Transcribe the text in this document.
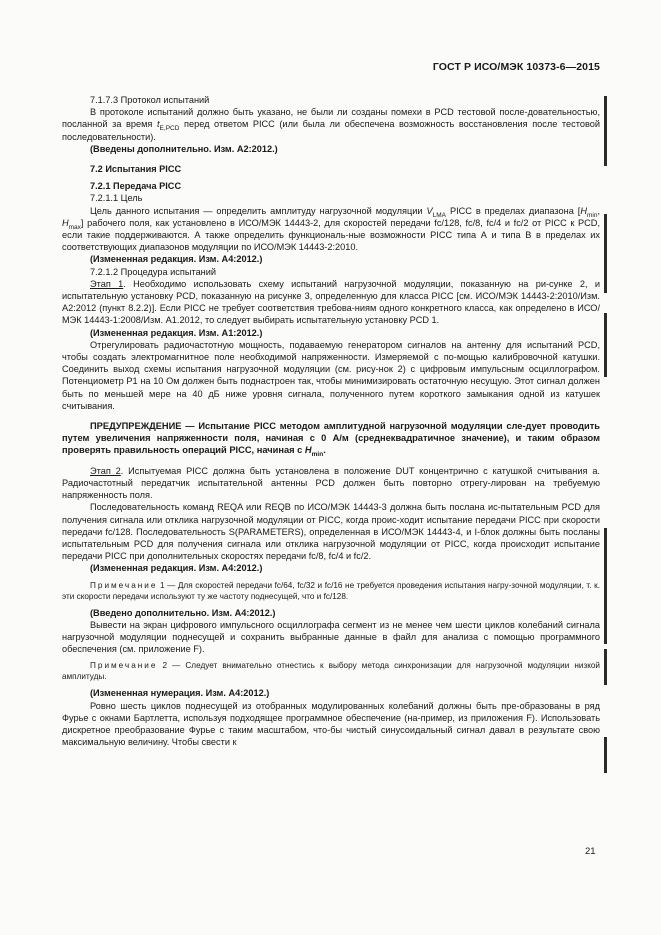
ГОСТ Р ИСО/МЭК 10373-6—2015

7.1.7.3 Протокол испытаний

В протоколе испытаний должно быть указано, не были ли созданы помехи в PCD тестовой после-довательностью, посланной за время $t_{E,PCD}$ перед ответом PICC (или была ли обеспечена возможность восстановления после тестовой последовательности).

(Введены дополнительно. Изм. A2:2012.)

7.2 Испытания PICC

7.2.1 Передача PICC

7.2.1.1 Цель

Цель данного испытания — определить амплитуду нагрузочной модуляции $V_{LMA}$ PICC в пределах диапазона [$H_{min}$, $H_{max}$] рабочего поля, как установлено в ИСО/МЭК 14443-2, для скоростей передачи fc/128, fc/8, fc/4 и fc/2 от PICC к PCD, если такие поддерживаются. А также определить функциональ-ные возможности PICC типа А и типа В в пределах их соответствующих диапазонов модуляции по ИСО/МЭК 14443-2:2010.

(Измененная редакция. Изм. A4:2012.)

7.2.1.2 Процедура испытаний

Этап 1. Необходимо использовать схему испытаний нагрузочной модуляции, показанную на ри-сунке 2, и испытательную установку PCD, показанную на рисунке 3, определенную для класса PICC [см. ИСО/МЭК 14443-2:2010/Изм. A2:2012 (пункт 8.2.2)]. Если PICC не требует соответствия требова-ниям одного конкретного класса, как определено в ИСО/МЭК 14443-1:2008/Изм. A1.2012, то следует выбирать испытательную установку PCD 1.

(Измененная редакция. Изм. A1:2012.)

Отрегулировать радиочастотную мощность, подаваемую генератором сигналов на антенну для испытаний PCD, чтобы создать электромагнитное поле необходимой напряженности. Измеряемой с по-мощью калибровочной катушки. Соединить выход схемы испытания нагрузочной модуляции (см. рису-нок 2) с цифровым импульсным осциллографом. Потенциометр P1 на 10 Ом должен быть поднастроен так, чтобы минимизировать остаточную несущую. Этот сигнал должен быть по меньшей мере на 40 дБ ниже уровня сигнала, полученного путем короткого замыкания одной из катушек считывания.

ПРЕДУПРЕЖДЕНИЕ — Испытание PICC методом амплитудной нагрузочной модуляции сле-дует проводить путем увеличения напряженности поля, начиная с 0 A/м (среднеквадратичное значение), и таким образом проверять правильность операций PICC, начиная с $H_{min}$.

Этап 2. Испытуемая PICC должна быть установлена в положение DUT концентрично с катушкой считывания a. Радиочастотный передатчик испытательной антенны PCD должен быть повторно отрегу-лирован на требуемую напряженность поля.

Последовательность команд REQA или REQB по ИСО/МЭК 14443-3 должна быть послана ис-пытательным PCD для получения сигнала или отклика нагрузочной модуляции от PICC, когда проис-ходит испытание передачи PICC при скорости передачи fc/128. Последовательность S(PARAMETERS), определенная в ИСО/МЭК 14443-4, и I-блок должны быть посланы испытательным PCD для получения сигнала или отклика нагрузочной модуляции от PICC, когда происходит испытание передачи PICC при дополнительных скоростях передачи fc/8, fc/4 и fc/2.

(Измененная редакция. Изм. A4:2012.)

Примечание 1 — Для скоростей передачи fc/64, fc/32 и fc/16 не требуется проведения испытания нагру-зочной модуляции, т. к. эти скорости передачи используют ту же частоту поднесущей, что и fc/128.

(Введено дополнительно. Изм. A4:2012.)

Вывести на экран цифрового импульсного осциллографа сегмент из не менее чем шести циклов колебаний сигнала нагрузочной модуляции поднесущей и сохранить выбранные данные в файл для анализа с помощью программного обеспечения (см. приложение F).

Примечание 2 — Следует внимательно отнестись к выбору метода синхронизации для нагрузочной модуляции низкой амплитуды.

(Измененная нумерация. Изм. A4:2012.)

Ровно шесть циклов поднесущей из отобранных модулированных колебаний должны быть пре-образованы в ряд Фурье с окнами Бартлетта, используя подходящее программное обеспечение (на-пример, из приложения F). Использовать дискретное преобразование Фурье с таким масштабом, что-бы чистый синусоидальный сигнал давал в результате свою максимальную величину. Чтобы свести к

21
